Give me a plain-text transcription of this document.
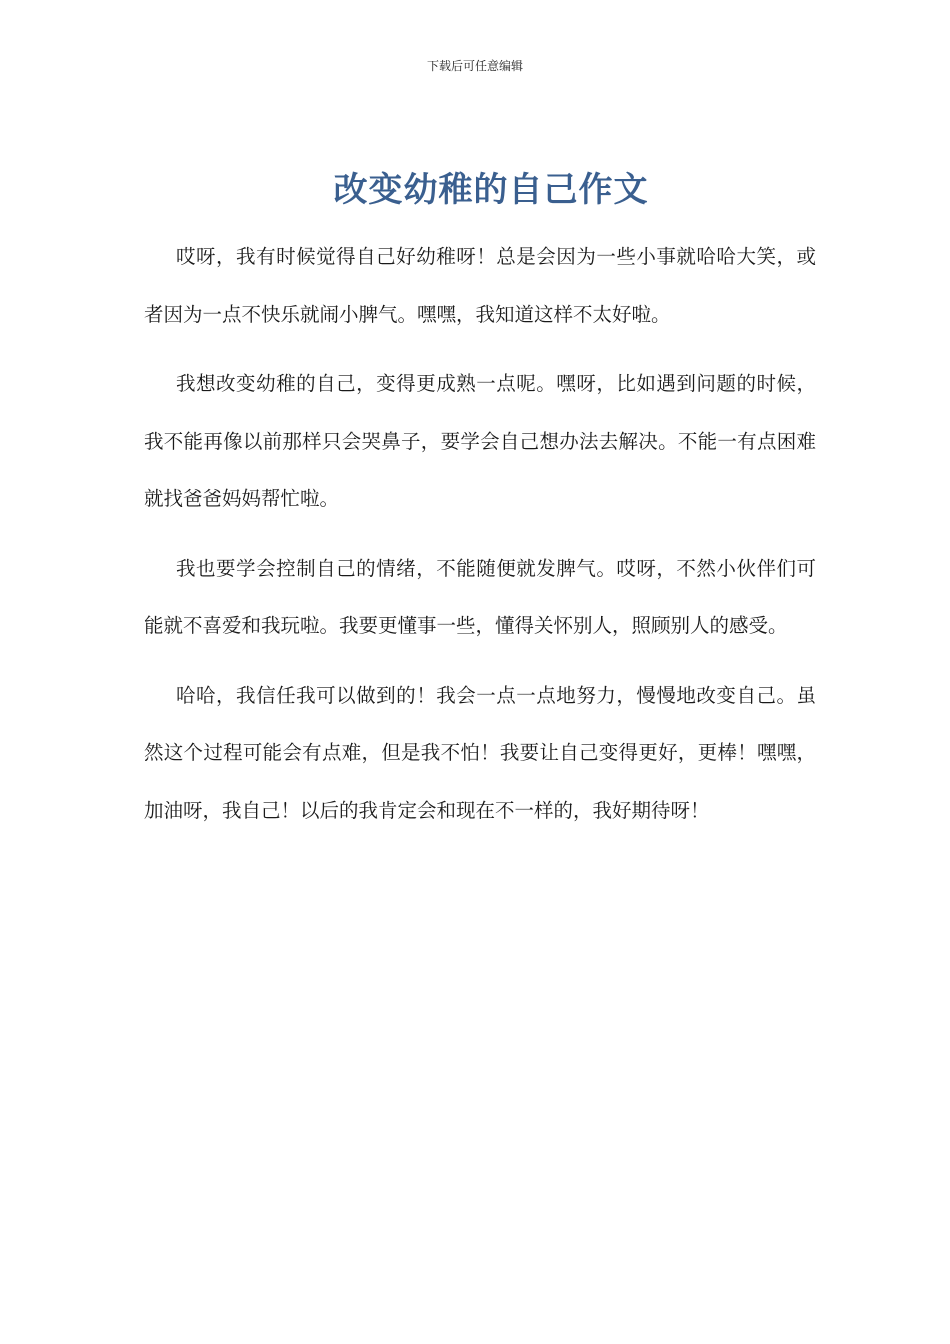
下载后可任意编辑
改变幼稚的自己作文

哎呀，我有时候觉得自己好幼稚呀！总是会因为一些小事就哈哈大笑，或者因为一点不快乐就闹小脾气。嘿嘿，我知道这样不太好啦。

我想改变幼稚的自己，变得更成熟一点呢。嘿呀，比如遇到问题的时候，我不能再像以前那样只会哭鼻子，要学会自己想办法去解决。不能一有点困难就找爸爸妈妈帮忙啦。

我也要学会控制自己的情绪，不能随便就发脾气。哎呀，不然小伙伴们可能就不喜爱和我玩啦。我要更懂事一些，懂得关怀别人，照顾别人的感受。

哈哈，我信任我可以做到的！我会一点一点地努力，慢慢地改变自己。虽然这个过程可能会有点难，但是我不怕！我要让自己变得更好，更棒！嘿嘿，加油呀，我自己！以后的我肯定会和现在不一样的，我好期待呀！
